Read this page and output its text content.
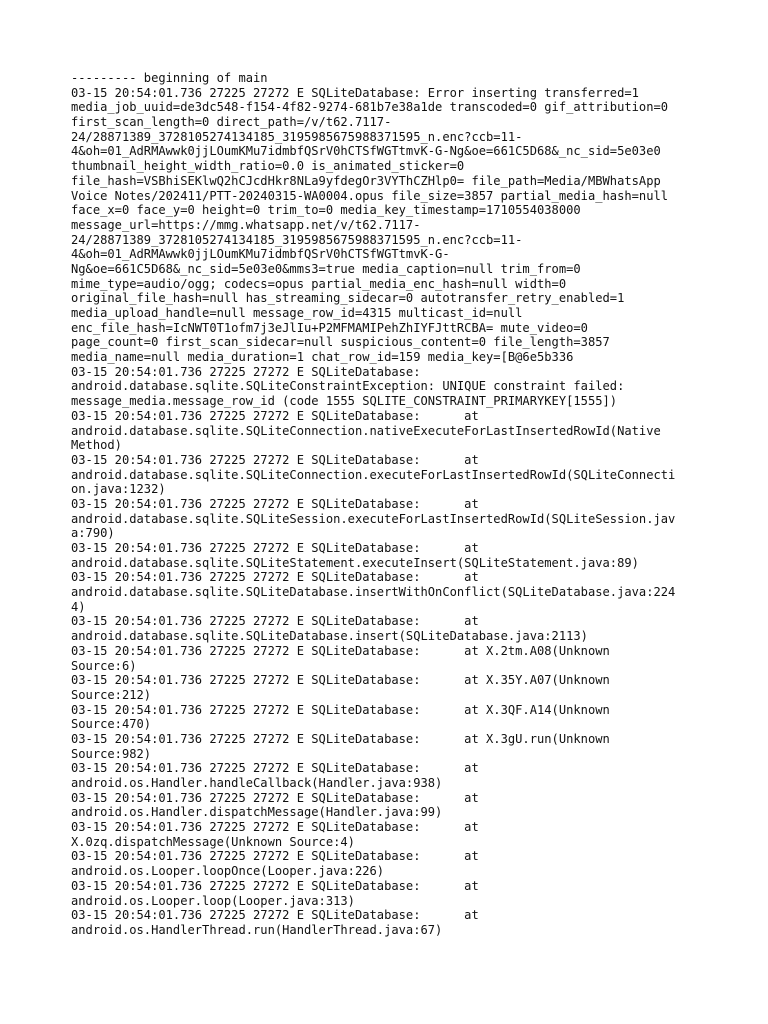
--------- beginning of main
03-15 20:54:01.736 27225 27272 E SQLiteDatabase: Error inserting transferred=1
media_job_uuid=de3dc548-f154-4f82-9274-681b7e38a1de transcoded=0 gif_attribution=0
first_scan_length=0 direct_path=/v/t62.7117-
24/28871389_3728105274134185_3195985675988371595_n.enc?ccb=11-
4&oh=01_AdRMAwwk0jjLOumKMu7idmbfQSrV0hCTSfWGTtmvK-G-Ng&oe=661C5D68&_nc_sid=5e03e0
thumbnail_height_width_ratio=0.0 is_animated_sticker=0
file_hash=VSBhiSEKlwQ2hCJcdHkr8NLa9yfdegOr3VYThCZHlp0= file_path=Media/MBWhatsApp
Voice Notes/202411/PTT-20240315-WA0004.opus file_size=3857 partial_media_hash=null
face_x=0 face_y=0 height=0 trim_to=0 media_key_timestamp=1710554038000
message_url=https://mmg.whatsapp.net/v/t62.7117-
24/28871389_3728105274134185_3195985675988371595_n.enc?ccb=11-
4&oh=01_AdRMAwwk0jjLOumKMu7idmbfQSrV0hCTSfWGTtmvK-G-
Ng&oe=661C5D68&_nc_sid=5e03e0&mms3=true media_caption=null trim_from=0
mime_type=audio/ogg; codecs=opus partial_media_enc_hash=null width=0
original_file_hash=null has_streaming_sidecar=0 autotransfer_retry_enabled=1
media_upload_handle=null message_row_id=4315 multicast_id=null
enc_file_hash=IcNWT0T1ofm7j3eJlIu+P2MFMAMIPehZhIYFJttRCBA= mute_video=0
page_count=0 first_scan_sidecar=null suspicious_content=0 file_length=3857
media_name=null media_duration=1 chat_row_id=159 media_key=[B@6e5b336
03-15 20:54:01.736 27225 27272 E SQLiteDatabase:
android.database.sqlite.SQLiteConstraintException: UNIQUE constraint failed:
message_media.message_row_id (code 1555 SQLITE_CONSTRAINT_PRIMARYKEY[1555])
03-15 20:54:01.736 27225 27272 E SQLiteDatabase:      at
android.database.sqlite.SQLiteConnection.nativeExecuteForLastInsertedRowId(Native
Method)
03-15 20:54:01.736 27225 27272 E SQLiteDatabase:      at
android.database.sqlite.SQLiteConnection.executeForLastInsertedRowId(SQLiteConnecti
on.java:1232)
03-15 20:54:01.736 27225 27272 E SQLiteDatabase:      at
android.database.sqlite.SQLiteSession.executeForLastInsertedRowId(SQLiteSession.jav
a:790)
03-15 20:54:01.736 27225 27272 E SQLiteDatabase:      at
android.database.sqlite.SQLiteStatement.executeInsert(SQLiteStatement.java:89)
03-15 20:54:01.736 27225 27272 E SQLiteDatabase:      at
android.database.sqlite.SQLiteDatabase.insertWithOnConflict(SQLiteDatabase.java:224
4)
03-15 20:54:01.736 27225 27272 E SQLiteDatabase:      at
android.database.sqlite.SQLiteDatabase.insert(SQLiteDatabase.java:2113)
03-15 20:54:01.736 27225 27272 E SQLiteDatabase:      at X.2tm.A08(Unknown
Source:6)
03-15 20:54:01.736 27225 27272 E SQLiteDatabase:      at X.35Y.A07(Unknown
Source:212)
03-15 20:54:01.736 27225 27272 E SQLiteDatabase:      at X.3QF.A14(Unknown
Source:470)
03-15 20:54:01.736 27225 27272 E SQLiteDatabase:      at X.3gU.run(Unknown
Source:982)
03-15 20:54:01.736 27225 27272 E SQLiteDatabase:      at
android.os.Handler.handleCallback(Handler.java:938)
03-15 20:54:01.736 27225 27272 E SQLiteDatabase:      at
android.os.Handler.dispatchMessage(Handler.java:99)
03-15 20:54:01.736 27225 27272 E SQLiteDatabase:      at
X.0zq.dispatchMessage(Unknown Source:4)
03-15 20:54:01.736 27225 27272 E SQLiteDatabase:      at
android.os.Looper.loopOnce(Looper.java:226)
03-15 20:54:01.736 27225 27272 E SQLiteDatabase:      at
android.os.Looper.loop(Looper.java:313)
03-15 20:54:01.736 27225 27272 E SQLiteDatabase:      at
android.os.HandlerThread.run(HandlerThread.java:67)
